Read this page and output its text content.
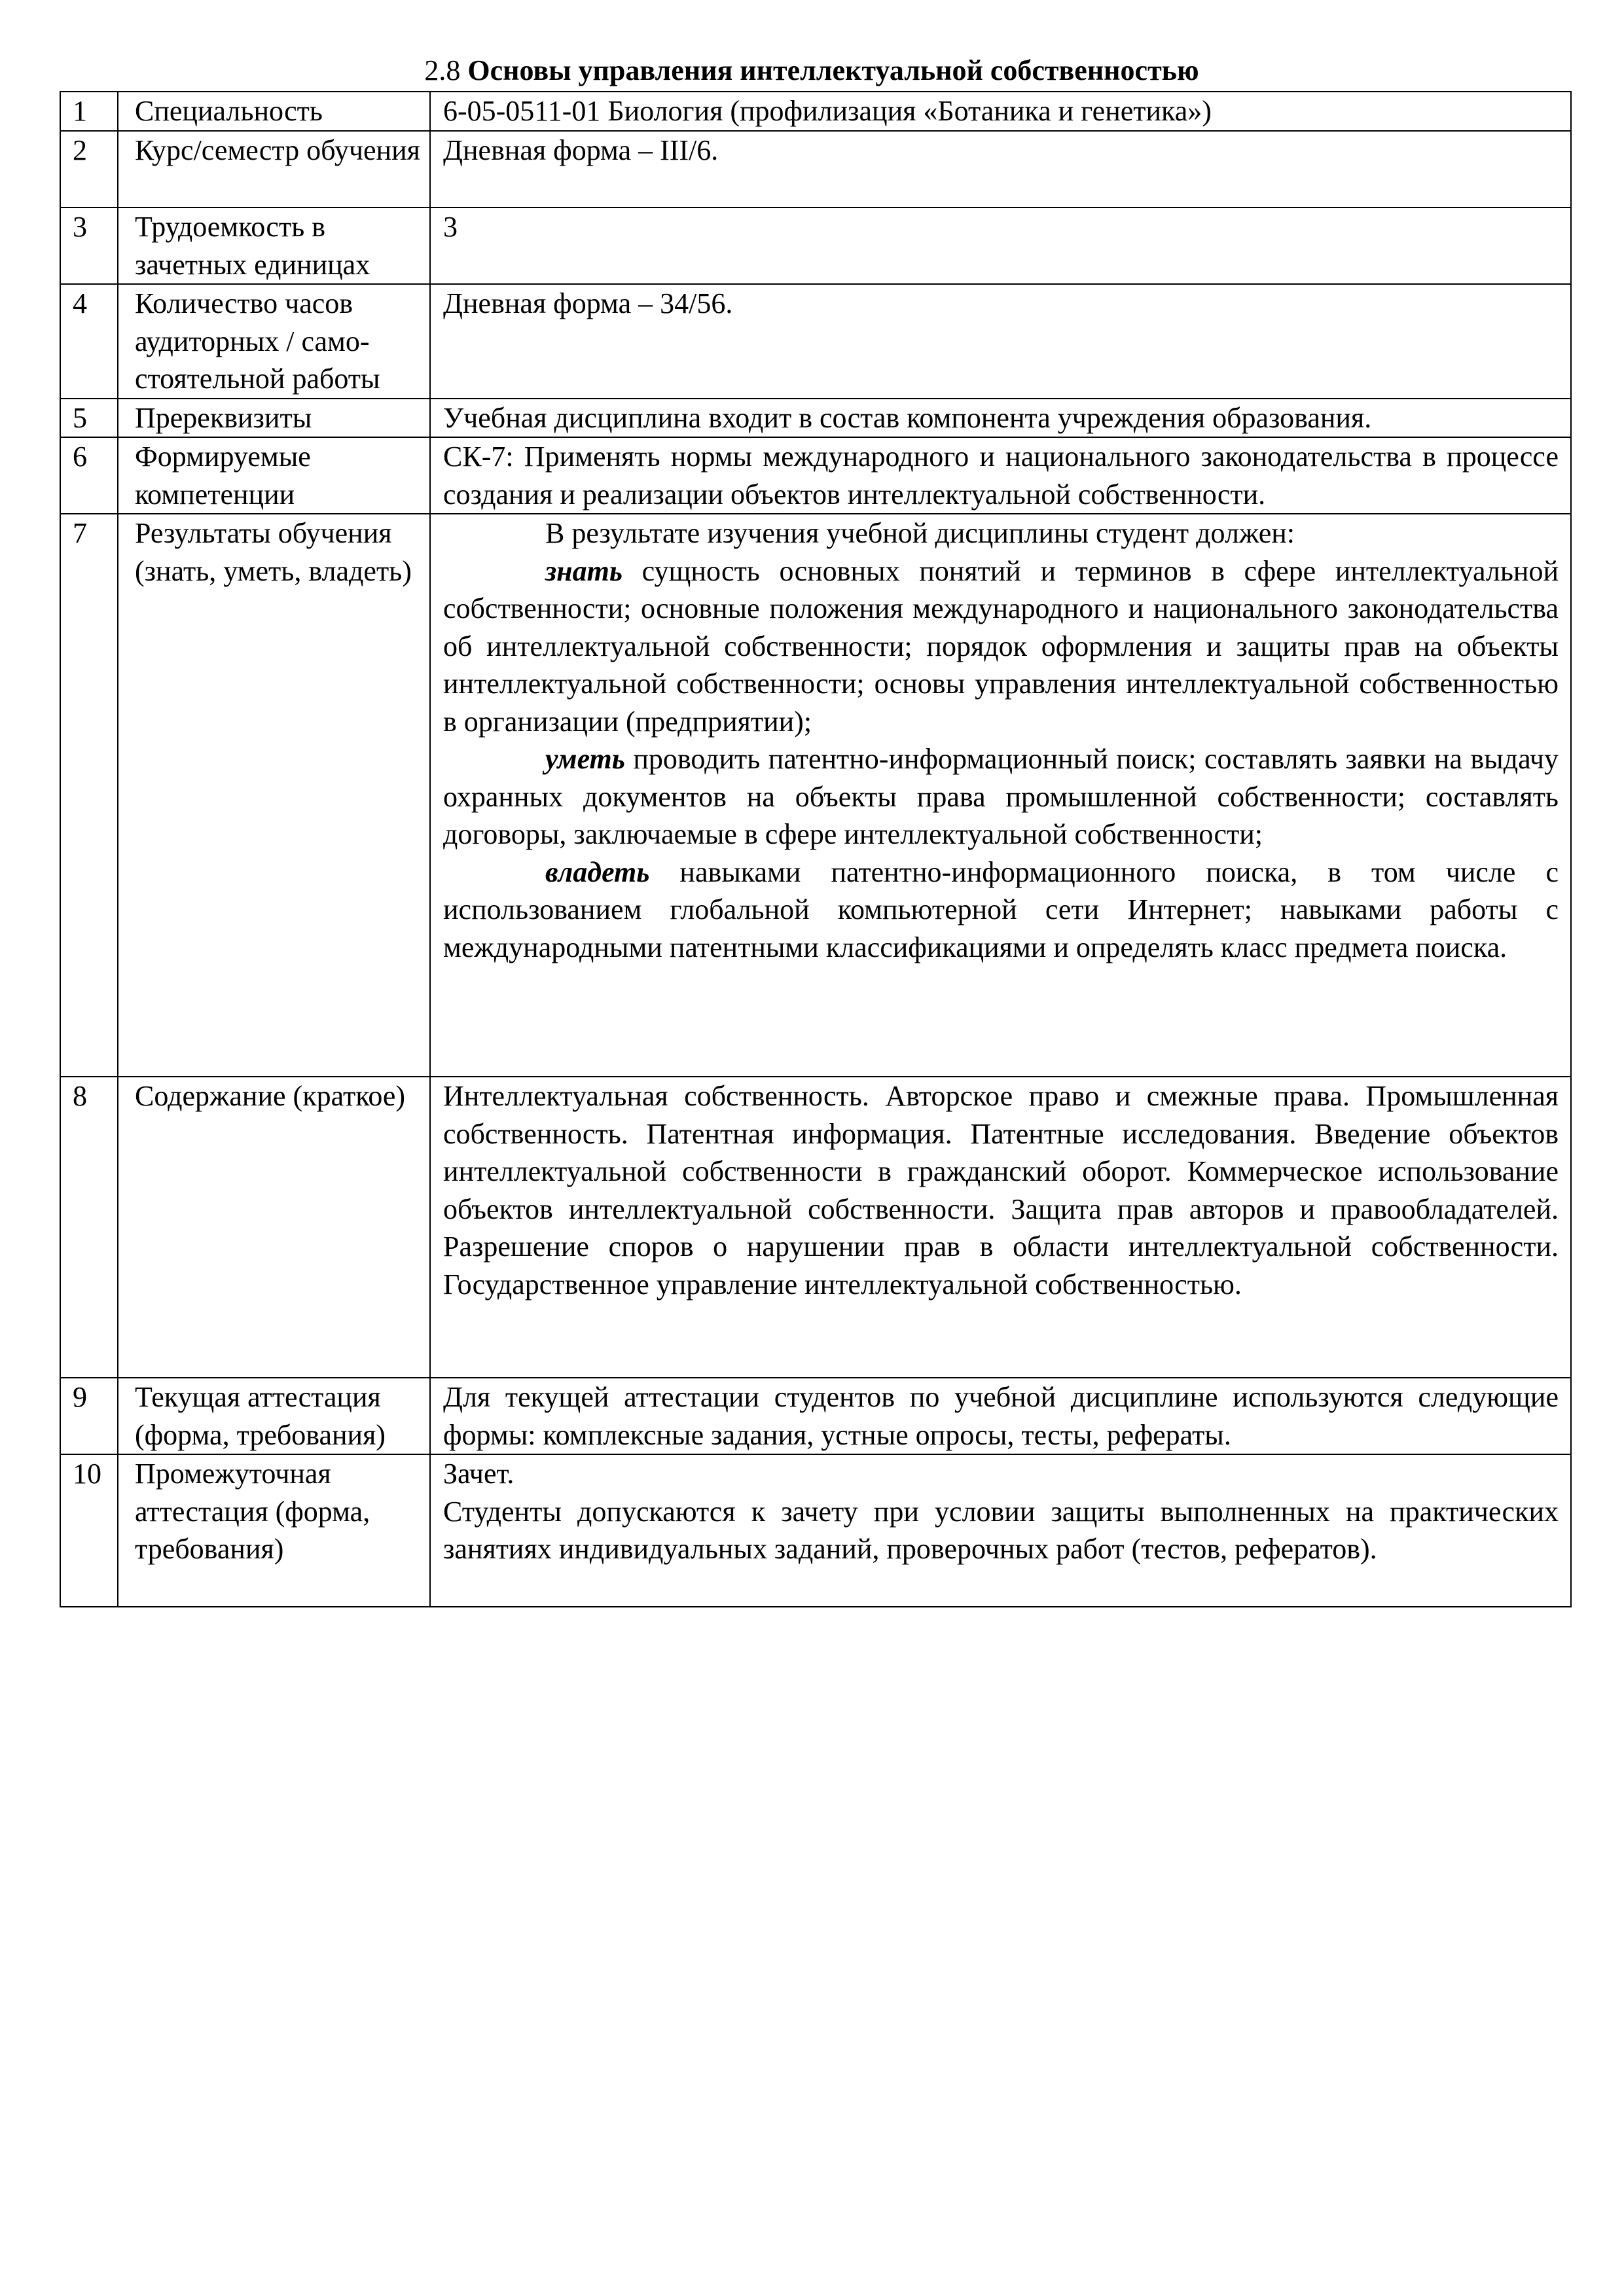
2.8 Основы управления интеллектуальной собственностью
1	Специальность	6-05-0511-01 Биология (профилизация «Ботаника и генетика»)
2	Курс/семестр обучения	Дневная форма – III/6.
3	Трудоемкость в зачетных единицах	3
4	Количество часов аудиторных / само-стоятельной работы	Дневная форма – 34/56.
5	Пререквизиты	Учебная дисциплина входит в состав компонента учреждения образования.
6	Формируемые компетенции	СК-7: Применять нормы международного и национального законодательства в процессе создания и реализации объектов интеллектуальной собственности.
7	Результаты обучения (знать, уметь, владеть)	В результате изучения учебной дисциплины студент должен:

знать сущность основных понятий и терминов в сфере интеллектуальной собственности; основные положения международного и национального законодательства об интеллектуальной собственности; порядок оформления и защиты прав на объекты интеллектуальной собственности; основы управления интеллектуальной собственностью в организации (предприятии);

уметь проводить патентно-информационный поиск; составлять заявки на выдачу охранных документов на объекты права промышленной собственности; составлять договоры, заключаемые в сфере интеллектуальной собственности;

владеть навыками патентно-информационного поиска, в том числе с использованием глобальной компьютерной сети Интернет; навыками работы с международными патентными классификациями и определять класс предмета поиска.

8	Содержание (краткое)	Интеллектуальная собственность. Авторское право и смежные права. Промышленная собственность. Патентная информация. Патентные исследования. Введение объектов интеллектуальной собственности в гражданский оборот. Коммерческое использование объектов интеллектуальной собственности. Защита прав авторов и правообладателей. Разрешение споров о нарушении прав в области интеллектуальной собственности. Государственное управление интеллектуальной собственностью.
9	Текущая аттестация (форма, требования)	Для текущей аттестации студентов по учебной дисциплине используются следующие формы: комплексные задания, устные опросы, тесты, рефераты.
10	Промежуточная аттестация (форма, требования)	Зачет.

Студенты допускаются к зачету при условии защиты выполненных на практических занятиях индивидуальных заданий, проверочных работ (тестов, рефератов).
